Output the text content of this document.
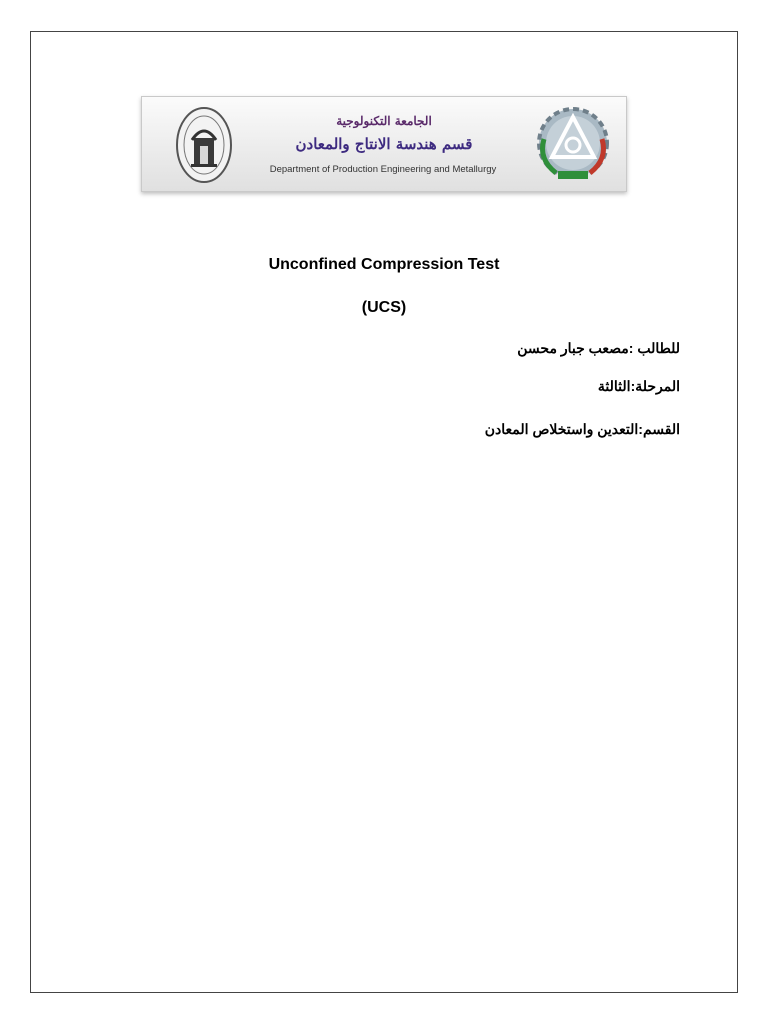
الجامعة التكنولوجية
قسم هندسة الانتاج والمعادن
Department of Production Engineering and Metallurgy
Unconfined Compression Test
(UCS)
للطالب :مصعب جبار محسن
المرحلة:الثالثة
القسم:التعدين واستخلاص المعادن
